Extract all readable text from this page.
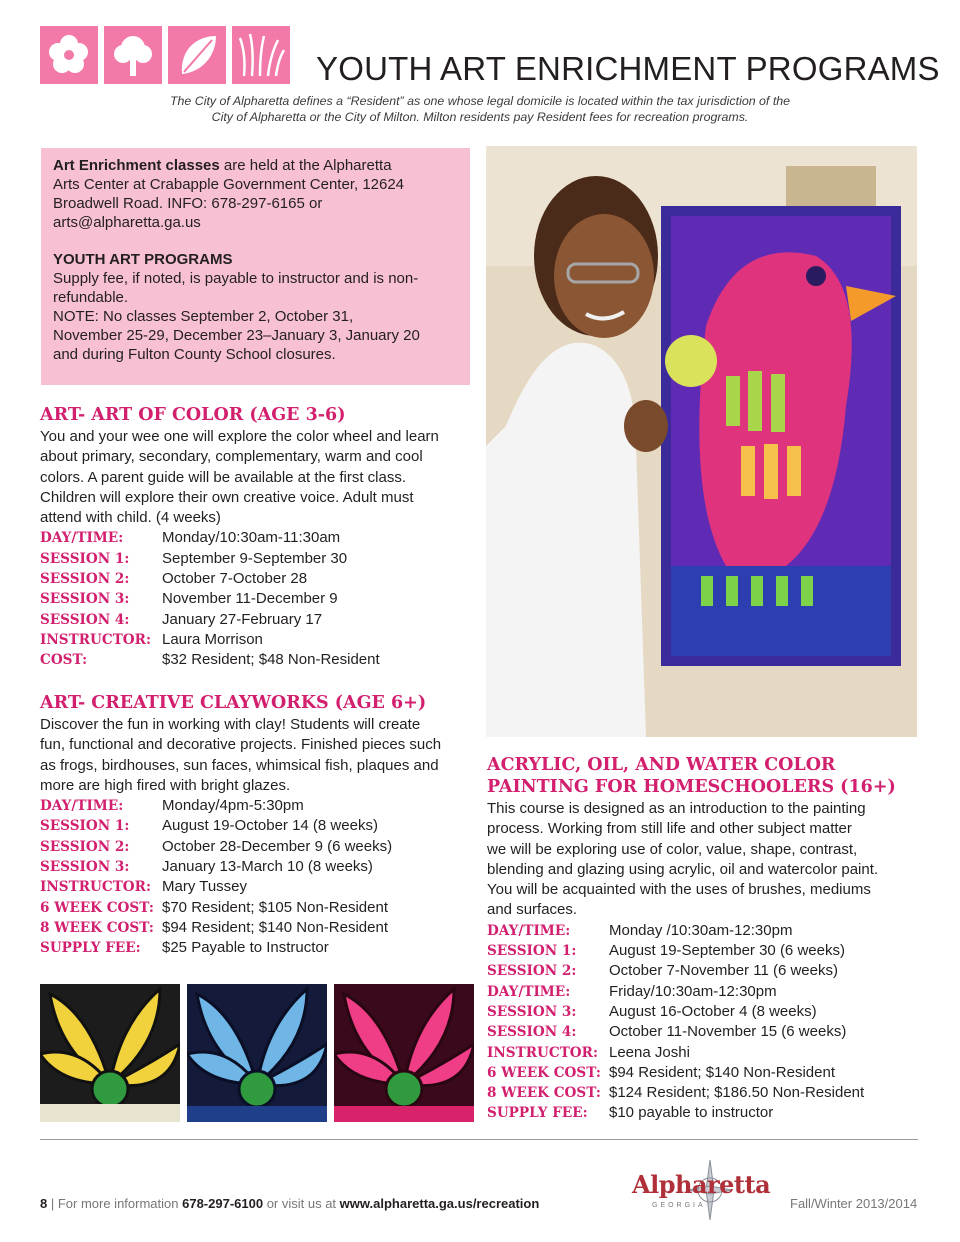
YOUTH ART ENRICHMENT PROGRAMS
The City of Alpharetta defines a “Resident” as one whose legal domicile is located within the tax jurisdiction of the
City of Alpharetta or the City of Milton. Milton residents pay Resident fees for recreation programs.

Art Enrichment classes are held at the Alpharetta

Arts Center at Crabapple Government Center, 12624

Broadwell Road. INFO: 678-297-6165 or

arts@alpharetta.ga.us

YOUTH ART PROGRAMS

Supply fee, if noted, is payable to instructor and is non-

refundable.

NOTE: No classes September 2, October 31,

November 25-29, December 23–January 3, January 20

and during Fulton County School closures.

ART- ART OF COLOR (AGE 3-6)
You and your wee one will explore the color wheel and learn
about primary, secondary, complementary, warm and cool
colors. A parent guide will be available at the first class.
Children will explore their own creative voice. Adult must
attend with child. (4 weeks)
DAY/TIME:	Monday/10:30am-11:30am
SESSION 1:	September 9-September 30
SESSION 2:	October 7-October 28
SESSION 3:	November 11-December 9
SESSION 4:	January 27-February 17
INSTRUCTOR: Laura Morrison
COST:	$32 Resident; $48 Non-Resident
ART- CREATIVE CLAYWORKS (AGE 6+)
Discover the fun in working with clay! Students will create
fun, functional and decorative projects. Finished pieces such
as frogs, birdhouses, sun faces, whimsical fish, plaques and
more are high fired with bright glazes.
DAY/TIME:	Monday/4pm-5:30pm
SESSION 1:	August 19-October 14 (8 weeks)
SESSION 2:	October 28-December 9 (6 weeks)
SESSION 3:	January 13-March 10 (8 weeks)
INSTRUCTOR: Mary Tussey
6 WEEK COST: $70 Resident; $105 Non-Resident
8 WEEK COST: $94 Resident; $140 Non-Resident
SUPPLY FEE:	$25 Payable to Instructor
ACRYLIC, OIL, AND WATER COLOR
PAINTING FOR HOMESCHOOLERS (16+)
This course is designed as an introduction to the painting
process. Working from still life and other subject matter
we will be exploring use of color, value, shape, contrast,
blending and glazing using acrylic, oil and watercolor paint.
You will be acquainted with the uses of brushes, mediums
and surfaces.
DAY/TIME:	Monday /10:30am-12:30pm
SESSION 1:	August 19-September 30 (6 weeks)
SESSION 2:	October 7-November 11 (6 weeks)
DAY/TIME:	Friday/10:30am-12:30pm
SESSION 3:	August 16-October 4 (8 weeks)
SESSION 4:	October 11-November 15 (6 weeks)
INSTRUCTOR: Leena Joshi
6 WEEK COST: $94 Resident; $140 Non-Resident
8 WEEK COST: $124 Resident; $186.50 Non-Resident
SUPPLY FEE:	$10 payable to instructor
8 | For more information 678-297-6100 or visit us at www.alpharetta.ga.us/recreation
Alpharetta
GEORGIA	Fall/Winter 2013/2014
